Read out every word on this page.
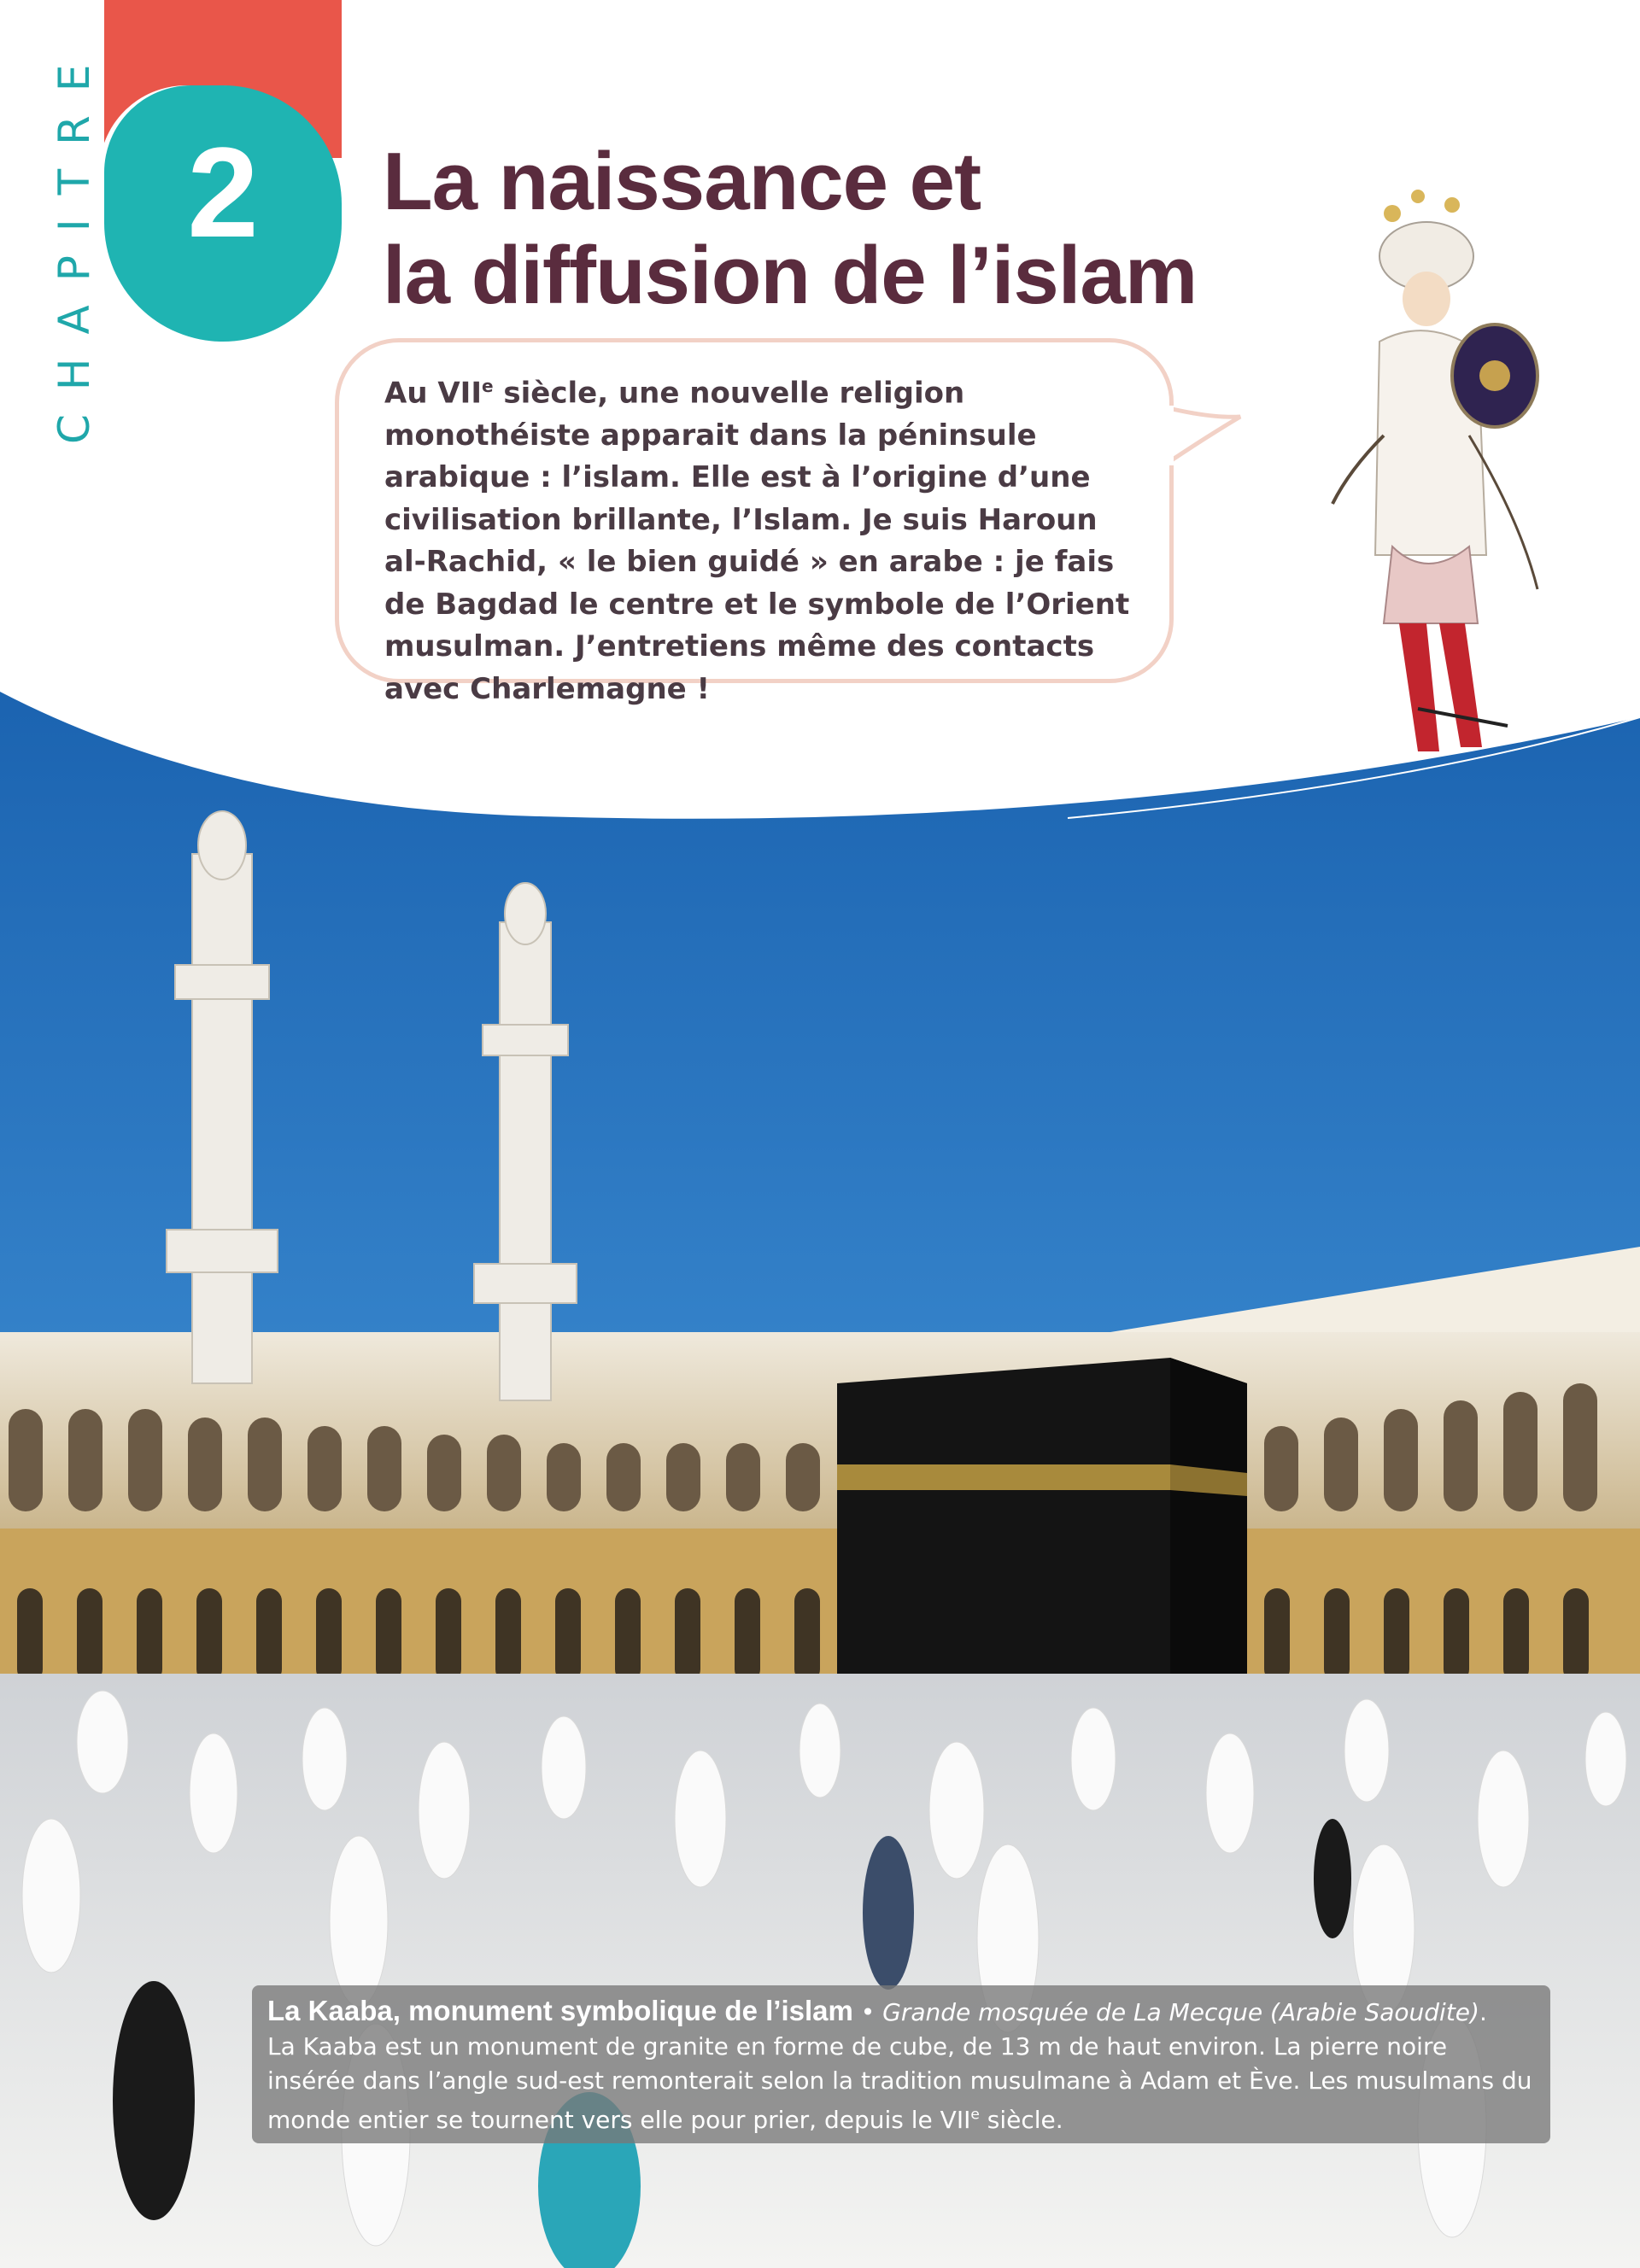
2
CHAPITRE	La naissance et
la diffusion de l’islam

Au VIIe siècle, une nouvelle religion monothéiste apparait dans la péninsule arabique : l’islam. Elle est à l’origine d’une civilisation brillante, l’Islam. Je suis Haroun al-Rachid, « le bien guidé » en arabe : je fais de Bagdad le centre et le symbole de l’Orient musulman. J’entretiens même des contacts avec Charlemagne !

La Kaaba, monument symbolique de l’islam • Grande mosquée de La Mecque (Arabie Saoudite).
La Kaaba est un monument de granite en forme de cube, de 13 m de haut environ. La pierre noire insérée dans l’angle sud-est remonterait selon la tradition musulmane à Adam et Ève. Les musulmans du monde entier se tournent vers elle pour prier, depuis le VIIe siècle.
